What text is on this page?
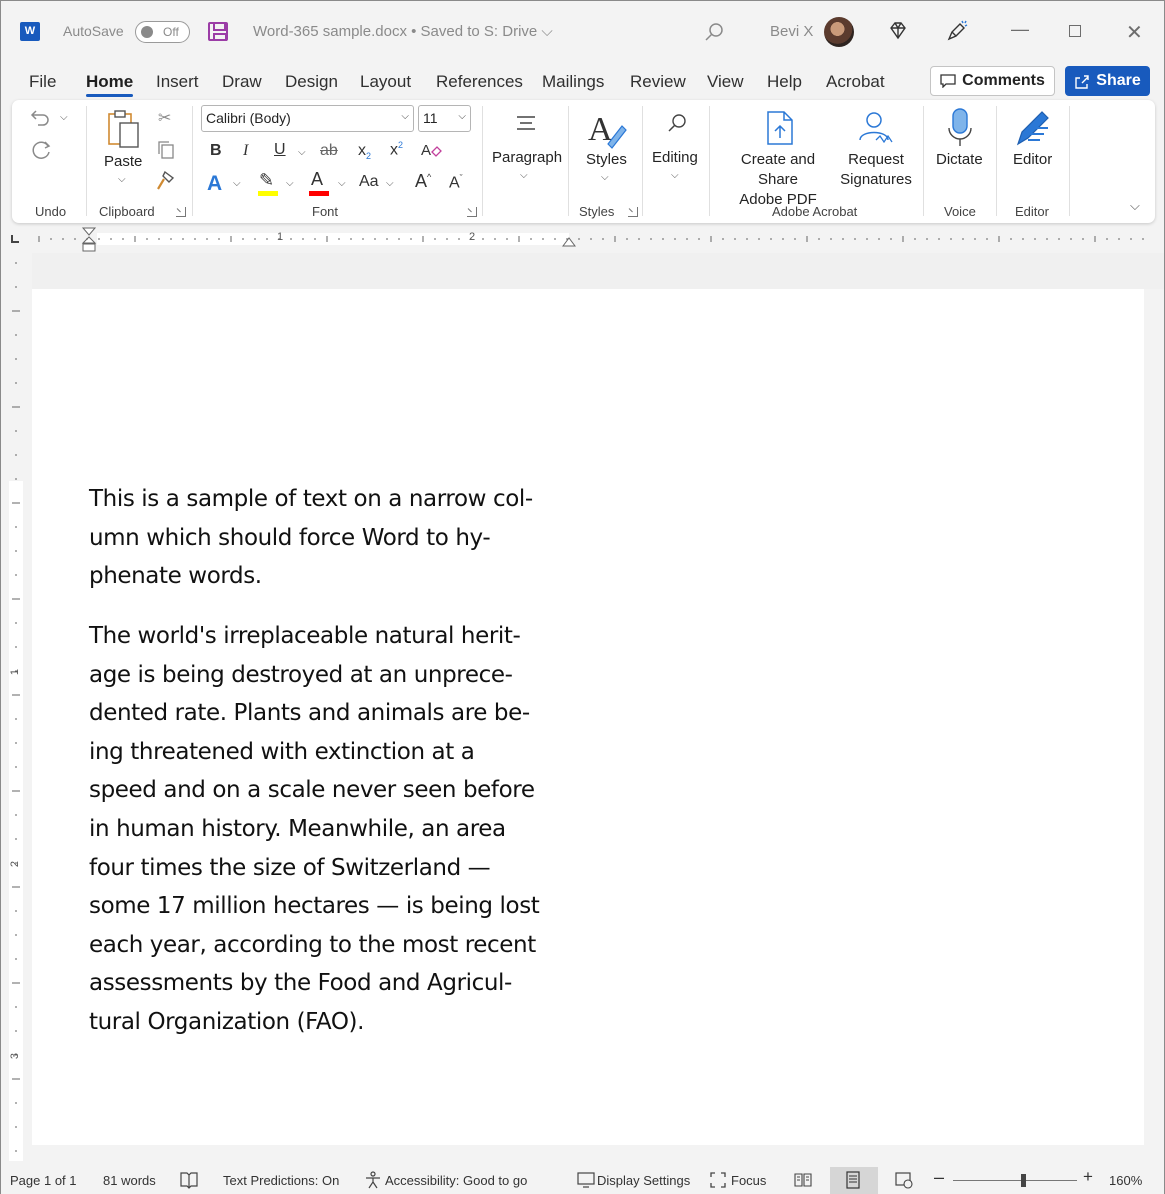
W	AutoSave	Off	Word-365 sample.docx • Saved to S: Drive ⌵	Bevi X	—	✕
File Home Insert Draw Design Layout References Mailings Review View Help Acrobat	Comments	Share
⌵
Undo
Paste
⌵
✂
Clipboard
Calibri (Body)	⌵	11 ⌵
B I U ⌵ ab $x_2$ $x^2$ A
A ⌵ ✎ ⌵ A ⌵ Aa ⌵ A^ $A^ˇ$
Font
Paragraph
⌵
A
Styles
⌵
Styles
Editing
⌵
Create and Share
Adobe PDF
Request
Signatures
Adobe Acrobat
Dictate
Voice
Editor
Editor	⌵
1	2
1
2
3
This is a sample of text on a narrow col-
umn which should force Word to hy-
phenate words.
The world's irreplaceable natural herit-
age is being destroyed at an unprece-
dented rate. Plants and animals are be-
ing threatened with extinction at a
speed and on a scale never seen before
in human history. Meanwhile, an area
four times the size of Switzerland —
some 17 million hectares — is being lost
each year, according to the most recent
assessments by the Food and Agricul-
tural Organization (FAO).
Page 1 of 1 81 words	Text Predictions: On	Accessibility: Good to go	Display Settings	Focus	–	+ 160%
